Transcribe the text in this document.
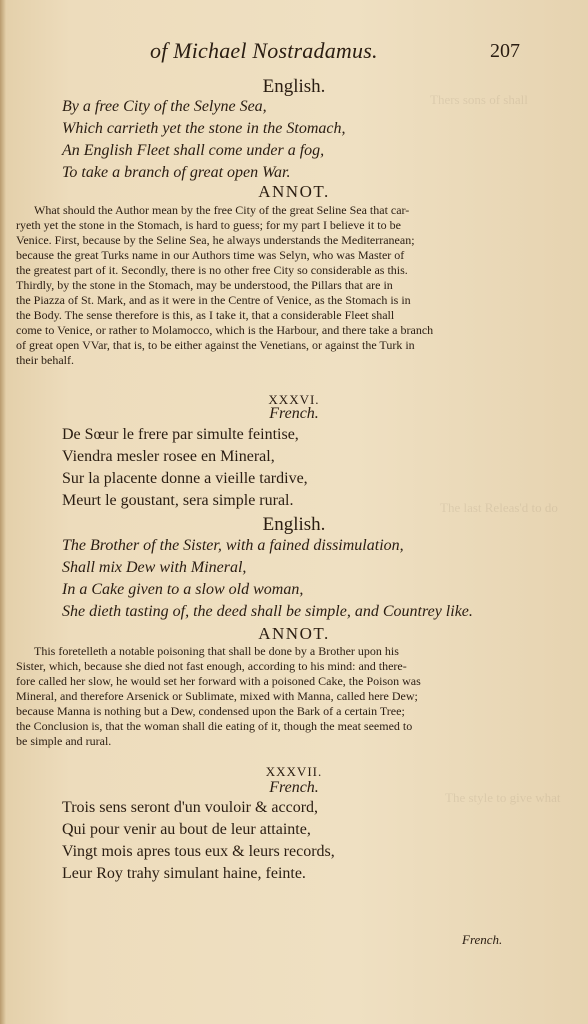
Thers sons of shall
The last Releas'd to do
The style to give what
of Michael Nostradamus.	207
English.
By a free City of the Selyne Sea,
Which carrieth yet the stone in the Stomach,
An English Fleet shall come under a fog,
To take a branch of great open War.
ANNOT.
What should the Author mean by the free City of the great Seline Sea that car-
ryeth yet the stone in the Stomach, is hard to guess; for my part I believe it to be
Venice. First, because by the Seline Sea, he always understands the Mediterranean;
because the great Turks name in our Authors time was Selyn, who was Master of
the greatest part of it. Secondly, there is no other free City so considerable as this.
Thirdly, by the stone in the Stomach, may be understood, the Pillars that are in
the Piazza of St. Mark, and as it were in the Centre of Venice, as the Stomach is in
the Body. The sense therefore is this, as I take it, that a considerable Fleet shall
come to Venice, or rather to Molamocco, which is the Harbour, and there take a branch
of great open VVar, that is, to be either against the Venetians, or against the Turk in
their behalf.
XXXVI.
French.
De Sœur le frere par simulte feintise,
Viendra mesler rosee en Mineral,
Sur la placente donne a vieille tardive,
Meurt le goustant, sera simple rural.
English.
The Brother of the Sister, with a fained dissimulation,
Shall mix Dew with Mineral,
In a Cake given to a slow old woman,
She dieth tasting of, the deed shall be simple, and Countrey like.
ANNOT.
This foretelleth a notable poisoning that shall be done by a Brother upon his
Sister, which, because she died not fast enough, according to his mind: and there-
fore called her slow, he would set her forward with a poisoned Cake, the Poison was
Mineral, and therefore Arsenick or Sublimate, mixed with Manna, called here Dew;
because Manna is nothing but a Dew, condensed upon the Bark of a certain Tree;
the Conclusion is, that the woman shall die eating of it, though the meat seemed to
be simple and rural.
XXXVII.
French.
Trois sens seront d'un vouloir & accord,
Qui pour venir au bout de leur attainte,
Vingt mois apres tous eux & leurs records,
Leur Roy trahy simulant haine, feinte.
French.
